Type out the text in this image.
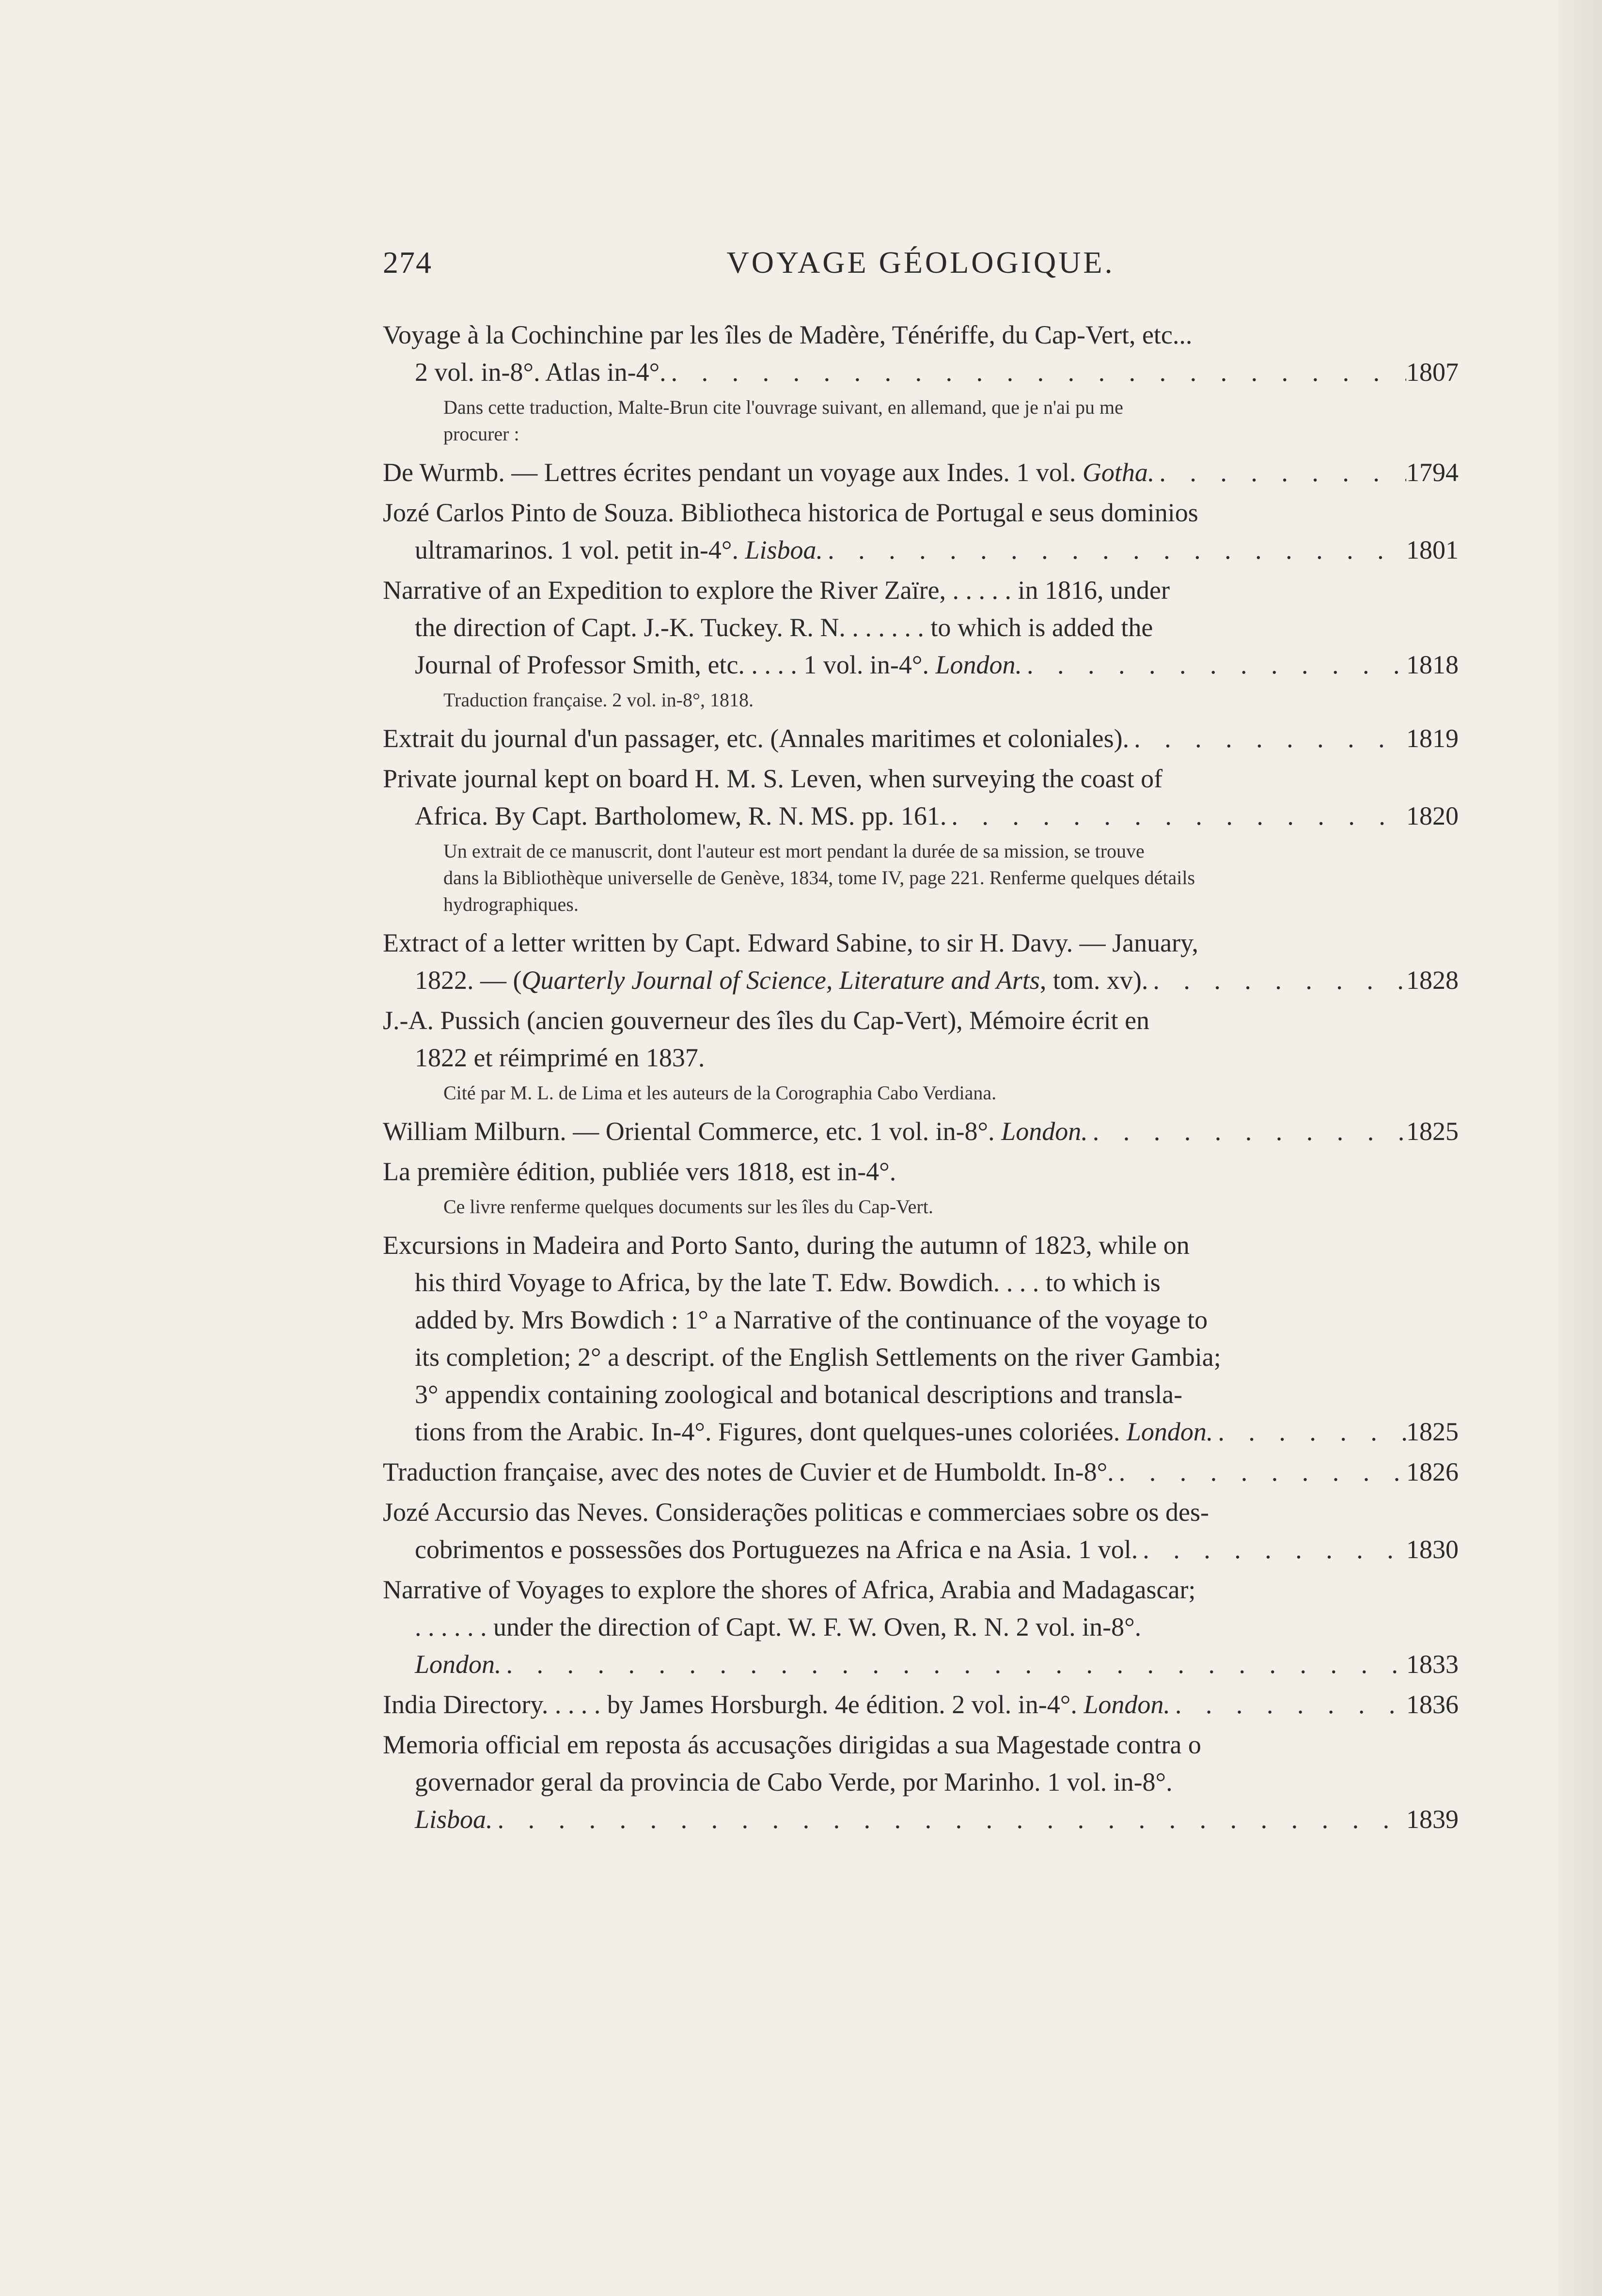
274	VOYAGE GÉOLOGIQUE.
Voyage à la Cochinchine par les îles de Madère, Ténériffe, du Cap-Vert, etc...
2 vol. in-8°. Atlas in-4°. . . .	1807
Dans cette traduction, Malte-Brun cite l'ouvrage suivant, en allemand, que je n'ai pu me
procurer :
De Wurmb. — Lettres écrites pendant un voyage aux Indes. 1 vol.
Gotha. . . .	1794
Jozé Carlos Pinto de Souza. Bibliotheca historica de Portugal e seus dominios
ultramarinos. 1 vol. petit in-4°.
Lisboa. . . .	1801
Narrative of an Expedition to explore the River Zaïre, . . . . . in 1816, under
the direction of Capt. J.-K. Tuckey. R. N. . . . . . . to which is added the
Journal of Professor Smith, etc. . . . . 1 vol. in-4°.
London. . . .	1818
Traduction française. 2 vol. in-8°, 1818.
Extrait du journal d'un passager, etc. (Annales maritimes et coloniales). . . .	1819
Private journal kept on board H. M. S. Leven, when surveying the coast of
Africa. By Capt. Bartholomew, R. N. MS. pp. 161. . . .	1820
Un extrait de ce manuscrit, dont l'auteur est mort pendant la durée de sa mission, se trouve
dans la Bibliothèque universelle de Genève, 1834, tome IV, page 221. Renferme quelques détails
hydrographiques.
Extract of a letter written by Capt. Edward Sabine, to sir H. Davy. — January,
1822. — ( Quarterly Journal of Science, Literature and Arts , tom. xv). . . .	1828
J.-A. Pussich (ancien gouverneur des îles du Cap-Vert), Mémoire écrit en
1822 et réimprimé en 1837.
Cité par M. L. de Lima et les auteurs de la Corographia Cabo Verdiana.
William Milburn. — Oriental Commerce, etc. 1 vol. in-8°.
London. . . .	1825
La première édition, publiée vers 1818, est in-4°.
Ce livre renferme quelques documents sur les îles du Cap-Vert.
Excursions in Madeira and Porto Santo, during the autumn of 1823, while on
his third Voyage to Africa, by the late T. Edw. Bowdich. . . . to which is
added by. Mrs Bowdich : 1° a Narrative of the continuance of the voyage to
its completion; 2° a descript. of the English Settlements on the river Gambia;
3° appendix containing zoological and botanical descriptions and transla-
tions from the Arabic. In-4°. Figures, dont quelques-unes coloriées.
London. . . .	1825
Traduction française, avec des notes de Cuvier et de Humboldt. In-8°. . . .	1826
Jozé Accursio das Neves. Considerações politicas e commerciaes sobre os des-
cobrimentos e possessões dos Portuguezes na Africa e na Asia. 1 vol. . . .	1830
Narrative of Voyages to explore the shores of Africa, Arabia and Madagascar;
. . . . . . under the direction of Capt. W. F. W. Oven, R. N. 2 vol. in-8°.
London. . . .	1833
India Directory. . . . . by James Horsburgh. 4e édition. 2 vol. in-4°.
London. . . .	1836
Memoria official em reposta ás accusações dirigidas a sua Magestade contra o
governador geral da provincia de Cabo Verde, por Marinho. 1 vol. in-8°.
Lisboa. . . .	1839
